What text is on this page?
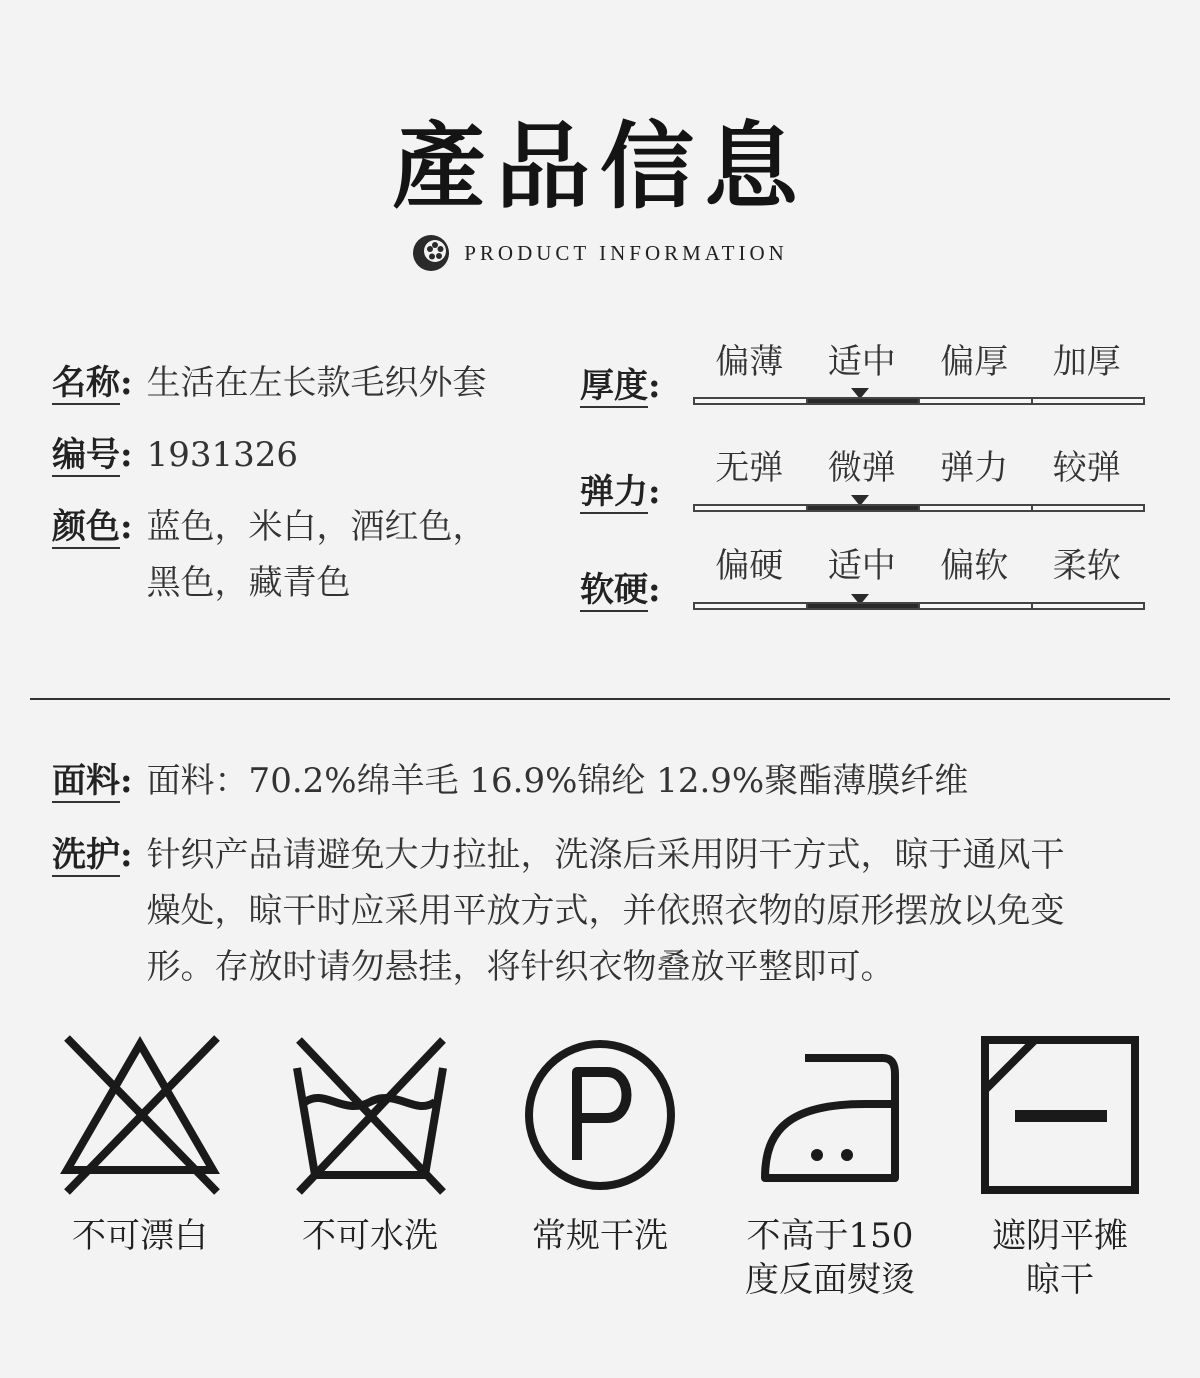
產品信息
PRODUCT INFORMATION
名称: 生活在左长款毛织外套
编号: 1931326
颜色: 蓝色，米白，酒红色，
黑色，藏青色
厚度:
偏薄	适中	偏厚	加厚
弹力:
无弹	微弹	弹力	较弹
软硬:
偏硬	适中	偏软	柔软
面料: 面料：70.2%绵羊毛 16.9%锦纶 12.9%聚酯薄膜纤维
洗护: 针织产品请避免大力拉扯，洗涤后采用阴干方式，晾于通风干
燥处，晾干时应采用平放方式，并依照衣物的原形摆放以免变
形。存放时请勿悬挂，将针织衣物叠放平整即可。
不可漂白	不可水洗	常规干洗	不高于150
度反面熨烫
遮阴平摊
晾干
